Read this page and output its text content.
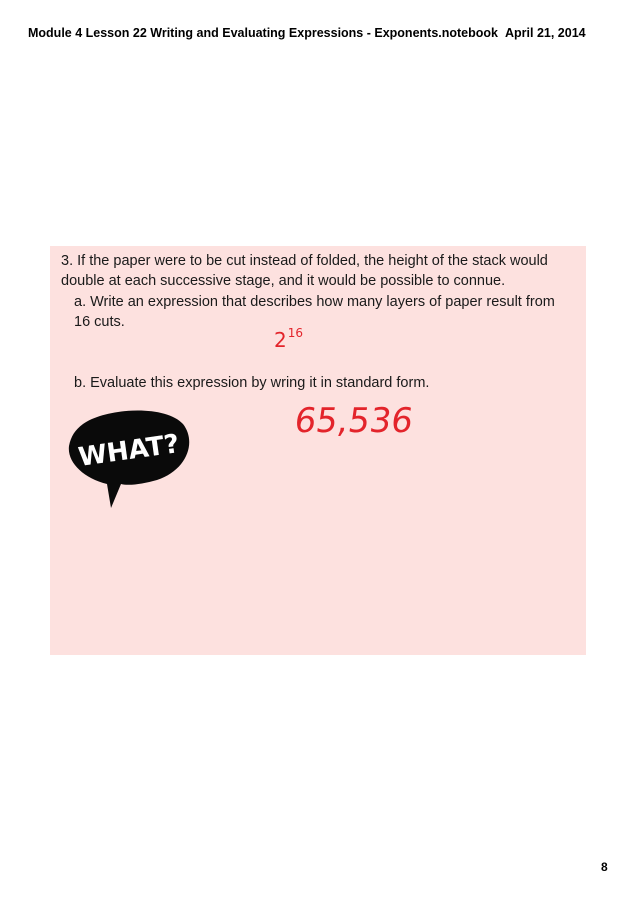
Module 4 Lesson 22 Writing and Evaluating Expressions - Exponents.notebook April 21, 2014
3. If the paper were to be cut instead of folded, the height of the stack would
double at each successive stage, and it would be possible to connue.
a. Write an expression that describes how many layers of paper result from
16 cuts.
$2^{16}$
b. Evaluate this expression by wring it in standard form.
65,536
WHAT?
8
